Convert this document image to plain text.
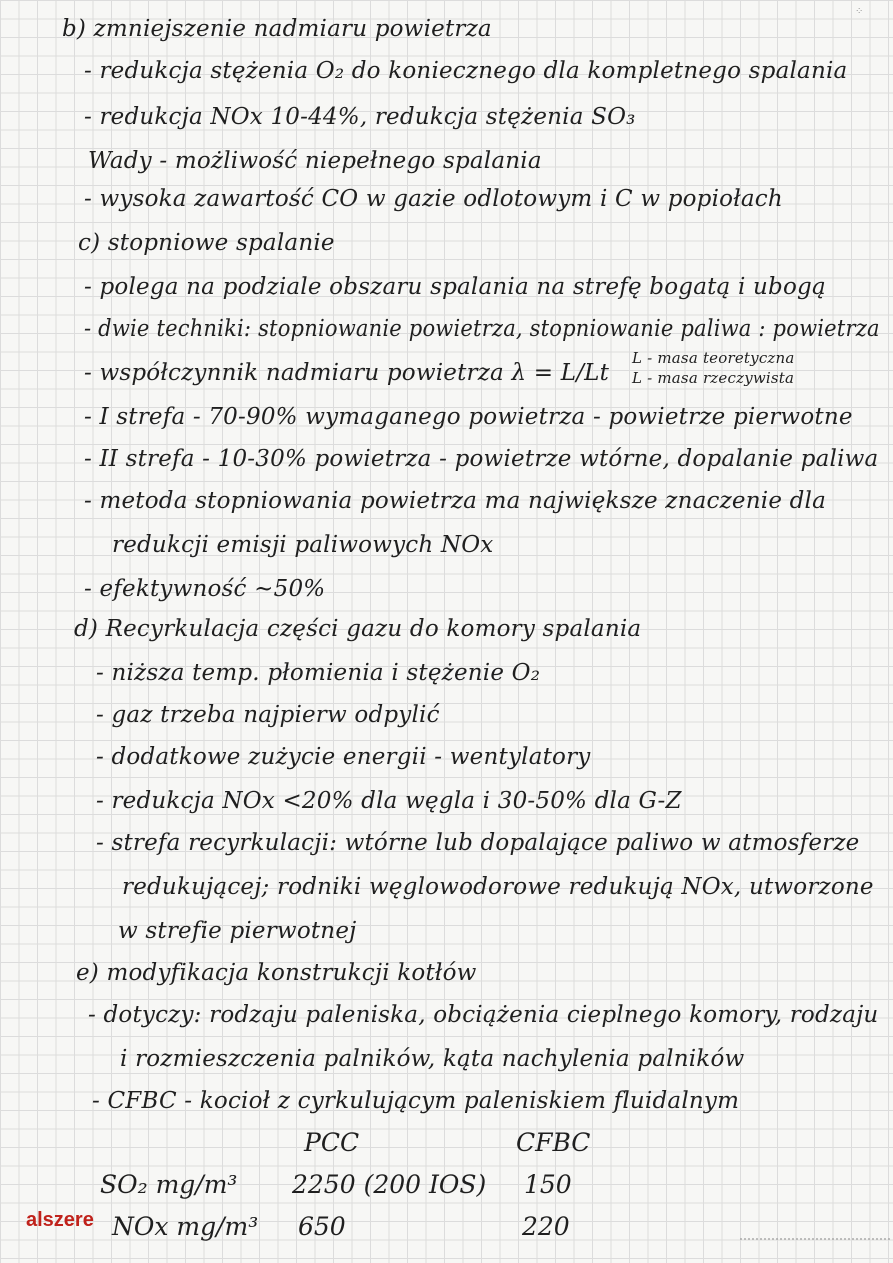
⁘
b) zmniejszenie nadmiaru powietrza
- redukcja stężenia O₂ do koniecznego dla kompletnego spalania
- redukcja NOx 10-44%, redukcja stężenia SO₃
Wady - możliwość niepełnego spalania
- wysoka zawartość CO w gazie odlotowym i C w popiołach
c) stopniowe spalanie
- polega na podziale obszaru spalania na strefę bogatą i ubogą
- dwie techniki: stopniowanie powietrza, stopniowanie paliwa : powietrza
- współczynnik nadmiaru powietrza λ = L/Lt
L - masa teoretyczna
L - masa rzeczywista
- I strefa - 70-90% wymaganego powietrza - powietrze pierwotne
- II strefa - 10-30% powietrza - powietrze wtórne, dopalanie paliwa
- metoda stopniowania powietrza ma największe znaczenie dla
redukcji emisji paliwowych NOx
- efektywność ~50%
d) Recyrkulacja części gazu do komory spalania
- niższa temp. płomienia i stężenie O₂
- gaz trzeba najpierw odpylić
- dodatkowe zużycie energii - wentylatory
- redukcja NOx <20% dla węgla i 30-50% dla G-Z
- strefa recyrkulacji: wtórne lub dopalające paliwo w atmosferze
redukującej; rodniki węglowodorowe redukują NOx, utworzone
w strefie pierwotnej
e) modyfikacja konstrukcji kotłów
- dotyczy: rodzaju paleniska, obciążenia cieplnego komory, rodzaju
i rozmieszczenia palników, kąta nachylenia palników
- CFBC - kocioł z cyrkulującym paleniskiem fluidalnym
PCC	CFBC
SO₂ mg/m³ 2250 (200 IOS) 150
NOx mg/m³ 650	220
alszere
